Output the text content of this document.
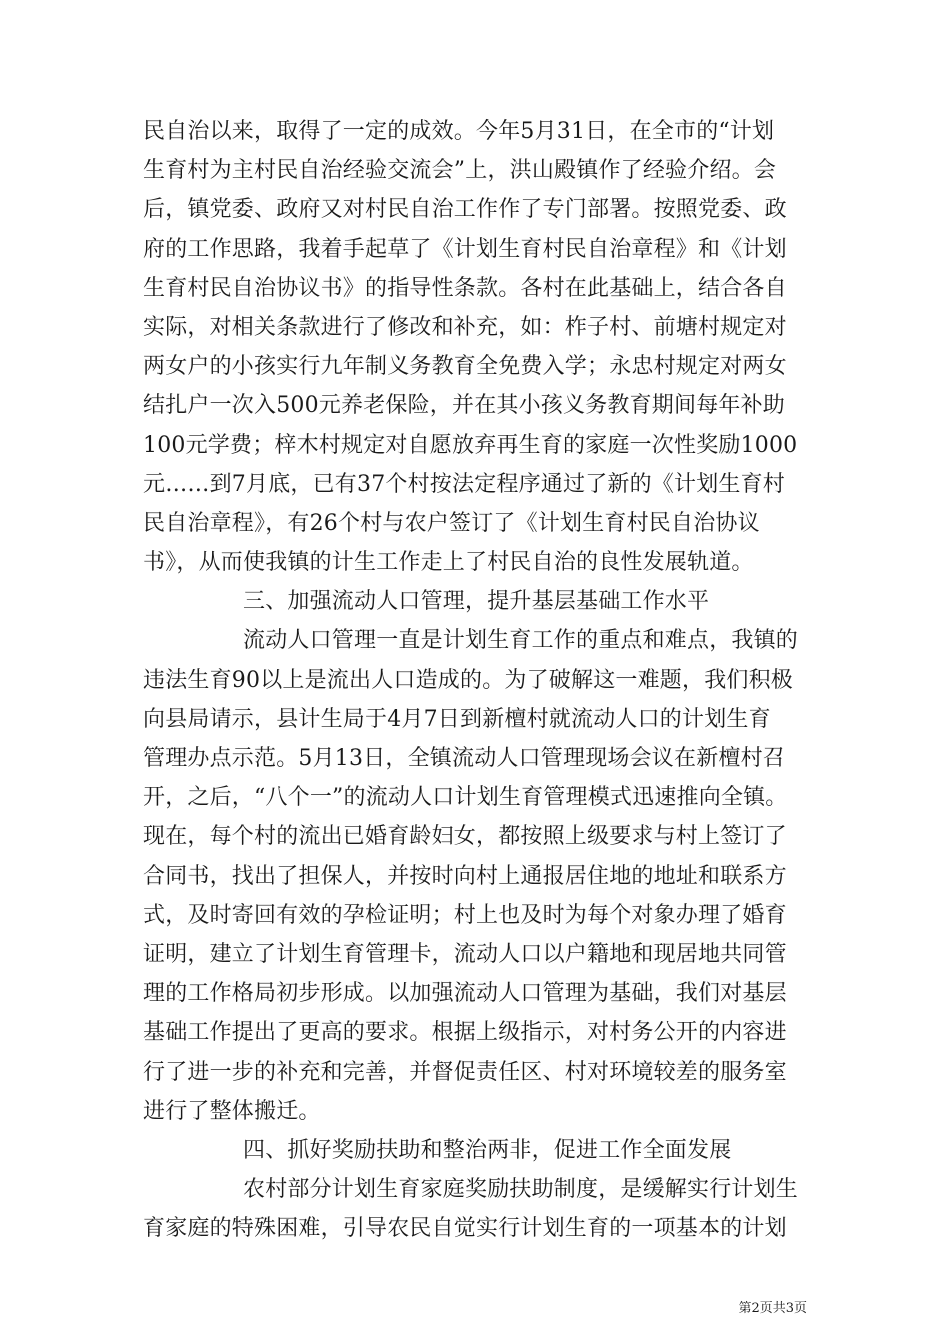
民自治以来，取得了一定的成效。今年5月31日，在全市的“计划
生育村为主村民自治经验交流会”上，洪山殿镇作了经验介绍。会
后，镇党委、政府又对村民自治工作作了专门部署。按照党委、政
府的工作思路，我着手起草了《计划生育村民自治章程》和《计划
生育村民自治协议书》的指导性条款。各村在此基础上，结合各自
实际，对相关条款进行了修改和补充，如：柞子村、前塘村规定对
两女户的小孩实行九年制义务教育全免费入学；永忠村规定对两女
结扎户一次入500元养老保险，并在其小孩义务教育期间每年补助
100元学费；梓木村规定对自愿放弃再生育的家庭一次性奖励1000
元……到7月底，已有37个村按法定程序通过了新的《计划生育村
民自治章程》，有26个村与农户签订了《计划生育村民自治协议
书》，从而使我镇的计生工作走上了村民自治的良性发展轨道。
三、加强流动人口管理，提升基层基础工作水平
流动人口管理一直是计划生育工作的重点和难点，我镇的
违法生育90以上是流出人口造成的。为了破解这一难题，我们积极
向县局请示，县计生局于4月7日到新檀村就流动人口的计划生育
管理办点示范。5月13日，全镇流动人口管理现场会议在新檀村召
开，之后，“八个一”的流动人口计划生育管理模式迅速推向全镇。
现在，每个村的流出已婚育龄妇女，都按照上级要求与村上签订了
合同书，找出了担保人，并按时向村上通报居住地的地址和联系方
式，及时寄回有效的孕检证明；村上也及时为每个对象办理了婚育
证明，建立了计划生育管理卡，流动人口以户籍地和现居地共同管
理的工作格局初步形成。以加强流动人口管理为基础，我们对基层
基础工作提出了更高的要求。根据上级指示，对村务公开的内容进
行了进一步的补充和完善，并督促责任区、村对环境较差的服务室
进行了整体搬迁。
四、抓好奖励扶助和整治两非，促进工作全面发展
农村部分计划生育家庭奖励扶助制度，是缓解实行计划生
育家庭的特殊困难，引导农民自觉实行计划生育的一项基本的计划
第2页共3页
